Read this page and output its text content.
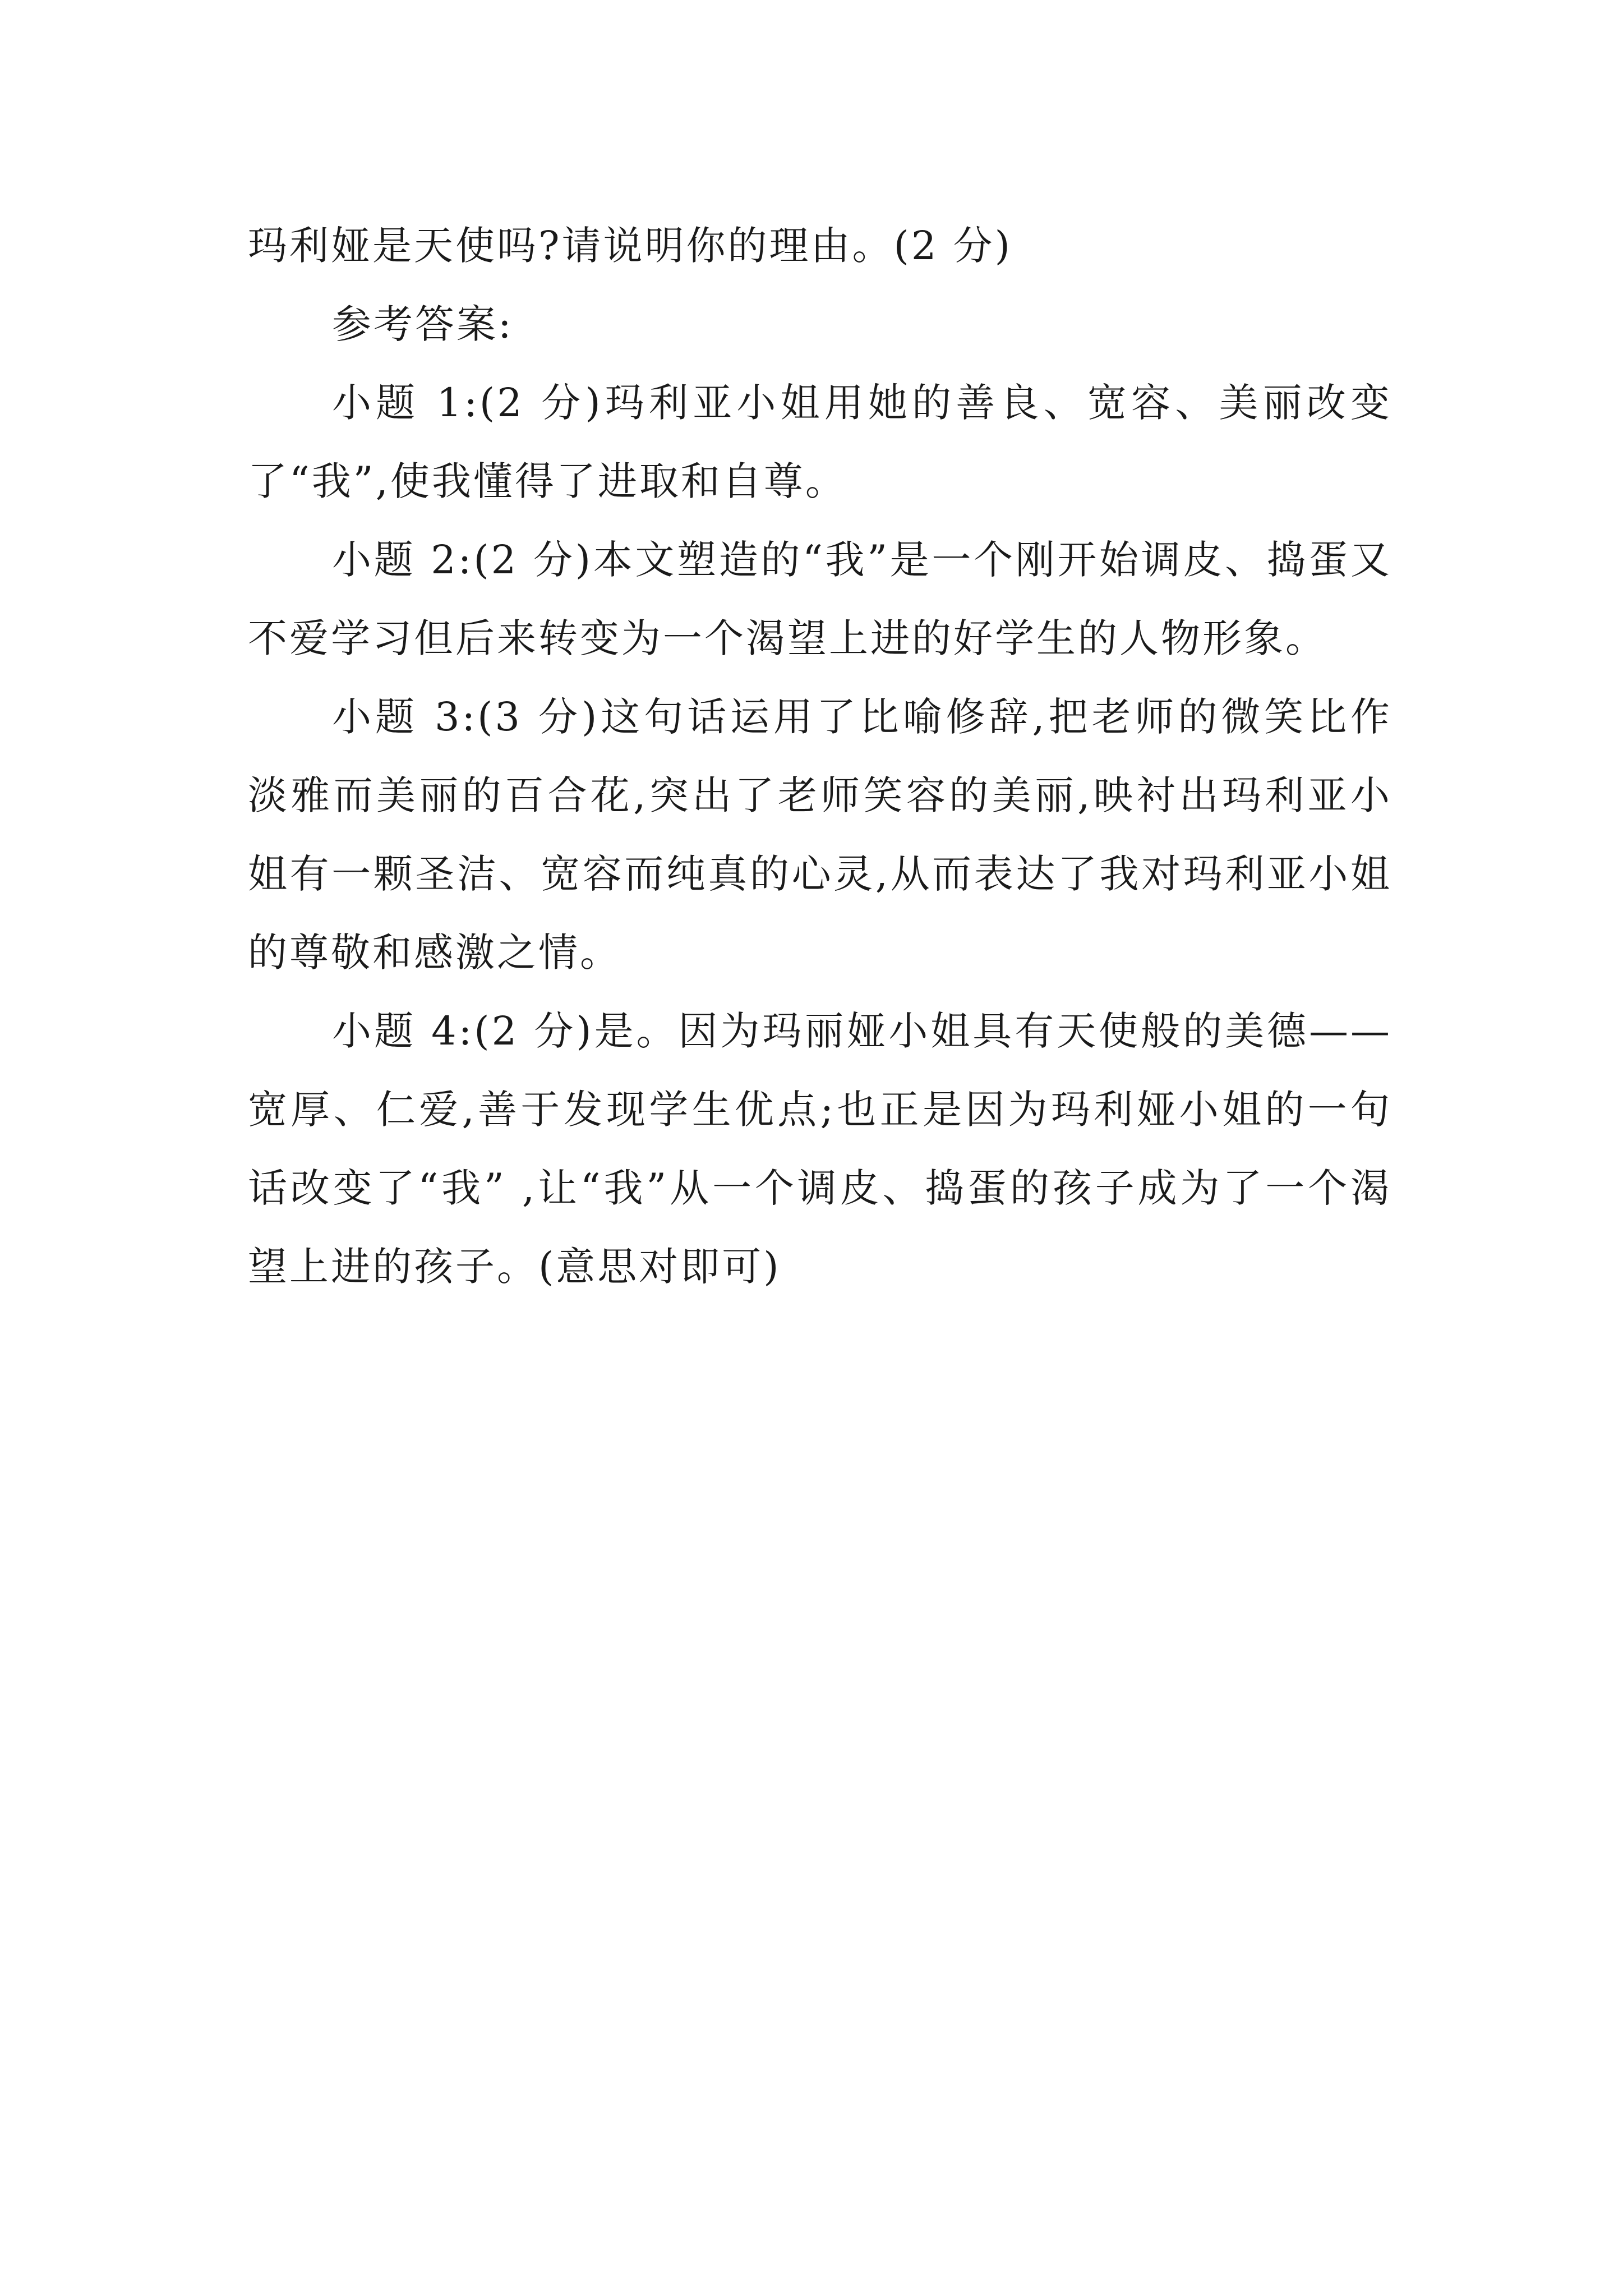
玛利娅是天使吗?请说明你的理由。(2 分)

参考答案:

小题 1:(2 分)玛利亚小姐用她的善良、宽容、美丽改变了“我”,使我懂得了进取和自尊。

小题 2:(2 分)本文塑造的“我”是一个刚开始调皮、捣蛋又不爱学习但后来转变为一个渴望上进的好学生的人物形象。

小题 3:(3 分)这句话运用了比喻修辞,把老师的微笑比作淡雅而美丽的百合花,突出了老师笑容的美丽,映衬出玛利亚小姐有一颗圣洁、宽容而纯真的心灵,从而表达了我对玛利亚小姐的尊敬和感激之情。

小题 4:(2 分)是。因为玛丽娅小姐具有天使般的美德——宽厚、仁爱,善于发现学生优点;也正是因为玛利娅小姐的一句话改变了“我” ,让“我”从一个调皮、捣蛋的孩子成为了一个渴望上进的孩子。(意思对即可)
